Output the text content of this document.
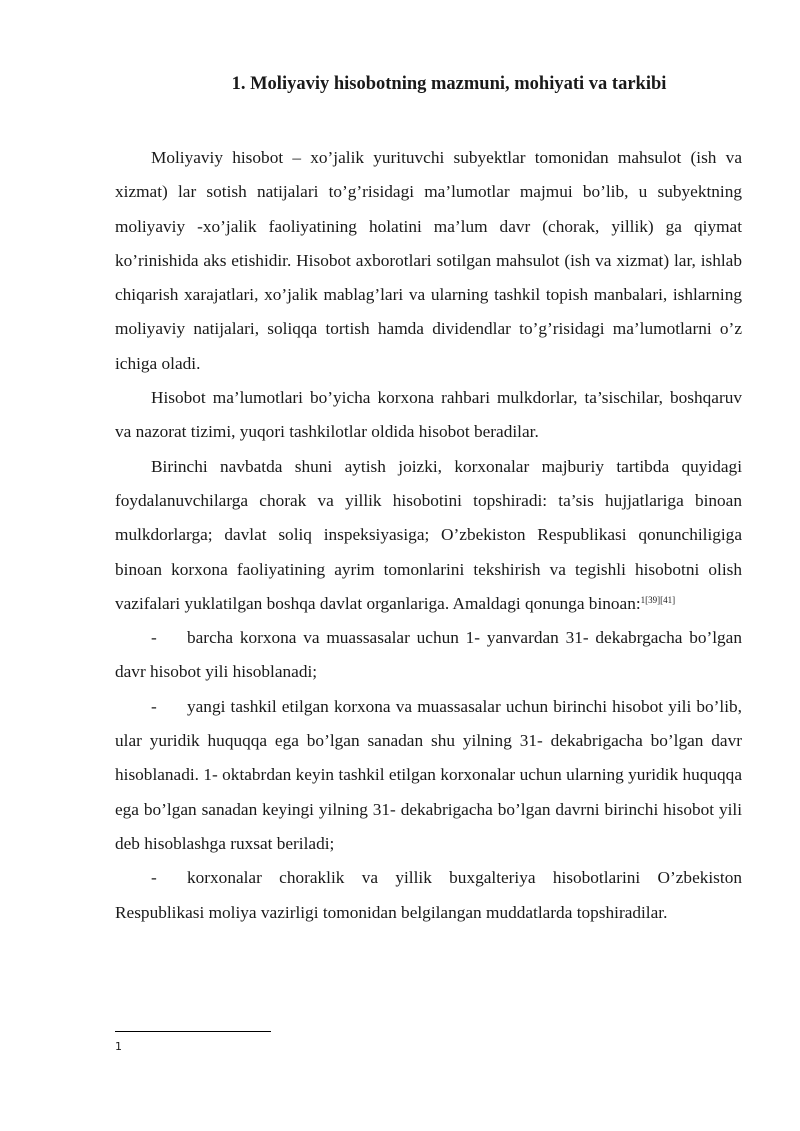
1. Moliyaviy hisobotning mazmuni, mohiyati va tarkibi

Moliyaviy hisobot – xo’jalik yurituvchi subyektlar tomonidan mahsulot (ish va xizmat) lar sotish natijalari to’g’risidagi ma’lumotlar majmui bo’lib, u subyektning moliyaviy -xo’jalik faoliyatining holatini ma’lum davr (chorak, yillik) ga qiymat ko’rinishida aks etishidir. Hisobot axborotlari sotilgan mahsulot (ish va xizmat) lar, ishlab chiqarish xarajatlari, xo’jalik mablag’lari va ularning tashkil topish manbalari, ishlarning moliyaviy natijalari, soliqqa tortish hamda dividendlar to’g’risidagi ma’lumotlarni o’z ichiga oladi.

Hisobot ma’lumotlari bo’yicha korxona rahbari mulkdorlar, ta’sischilar, boshqaruv va nazorat tizimi, yuqori tashkilotlar oldida hisobot beradilar.

Birinchi navbatda shuni aytish joizki, korxonalar majburiy tartibda quyidagi foydalanuvchilarga chorak va yillik hisobotini topshiradi: ta’sis hujjatlariga binoan mulkdorlarga; davlat soliq inspeksiyasiga; O’zbekiston Respublikasi qonunchiligiga binoan korxona faoliyatining ayrim tomonlarini tekshirish va tegishli hisobotni olish vazifalari yuklatilgan boshqa davlat organlariga. Amaldagi qonunga binoan:$^{1[39][41]}$

- barcha korxona va muassasalar uchun 1- yanvardan 31- dekabrgacha bo’lgan davr hisobot yili hisoblanadi;

- yangi tashkil etilgan korxona va muassasalar uchun birinchi hisobot yili bo’lib, ular yuridik huquqqa ega bo’lgan sanadan shu yilning 31- dekabrigacha bo’lgan davr hisoblanadi. 1- oktabrdan keyin tashkil etilgan korxonalar uchun ularning yuridik huquqqa ega bo’lgan sanadan keyingi yilning 31- dekabrigacha bo’lgan davrni birinchi hisobot yili deb hisoblashga ruxsat beriladi;

- korxonalar choraklik va yillik buxgalteriya hisobotlarini O’zbekiston Respublikasi moliya vazirligi tomonidan belgilangan muddatlarda topshiradilar.

1
